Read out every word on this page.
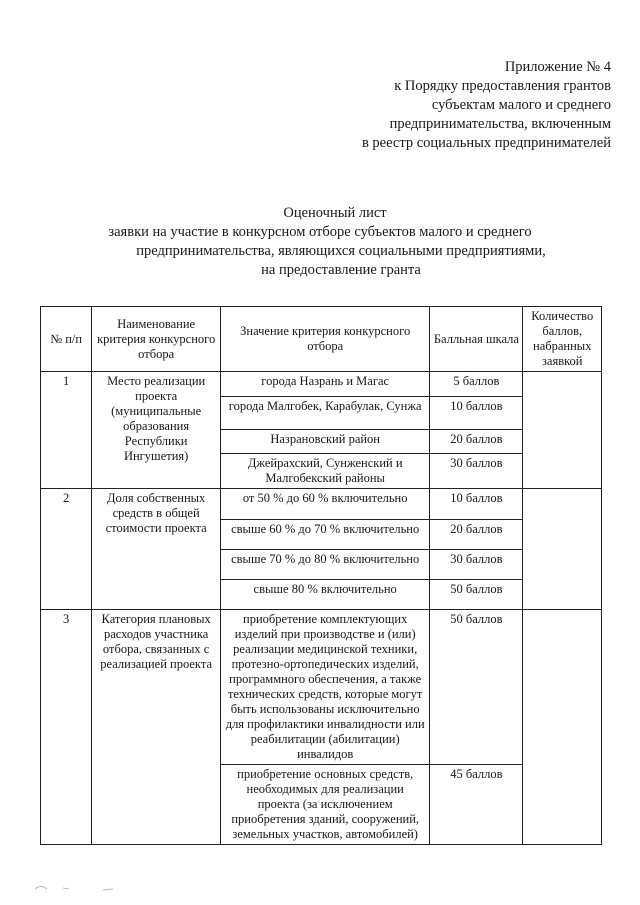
Приложение № 4
к Порядку предоставления грантов
субъектам малого и среднего
предпринимательства, включенным
в реестр социальных предпринимателей
Оценочный лист
заявки на участие в конкурсном отборе субъектов малого и среднего
предпринимательства, являющихся социальными предприятиями,
на предоставление гранта
№ п/п	Наименование критерия конкурсного отбора	Значение критерия конкурсного отбора	Балльная шкала	Количество баллов, набранных заявкой
1	Место реализации проекта (муниципальные образования Республики Ингушетия)	города Назрань и Магас	5 баллов	
		города Малгобек, Карабулак, Сунжа	10 баллов	
		Назрановский район	20 баллов	
		Джейрахский, Сунженский и Малгобекский районы	30 баллов	
2	Доля собственных средств в общей стоимости проекта	от 50 % до 60 % включительно	10 баллов	
		свыше 60 % до 70 % включительно	20 баллов	
		свыше 70 % до 80 % включительно	30 баллов	
		свыше 80 % включительно	50 баллов	
3	Категория плановых расходов участника отбора, связанных с реализацией проекта	приобретение комплектующих изделий при производстве и (или) реализации медицинской техники, протезно-ортопедических изделий, программного обеспечения, а также технических средств, которые могут быть использованы исключительно для профилактики инвалидности или реабилитации (абилитации) инвалидов	50 баллов	
		приобретение основных средств, необходимых для реализации проекта (за исключением приобретения зданий, сооружений, земельных участков, автомобилей)	45 баллов	
